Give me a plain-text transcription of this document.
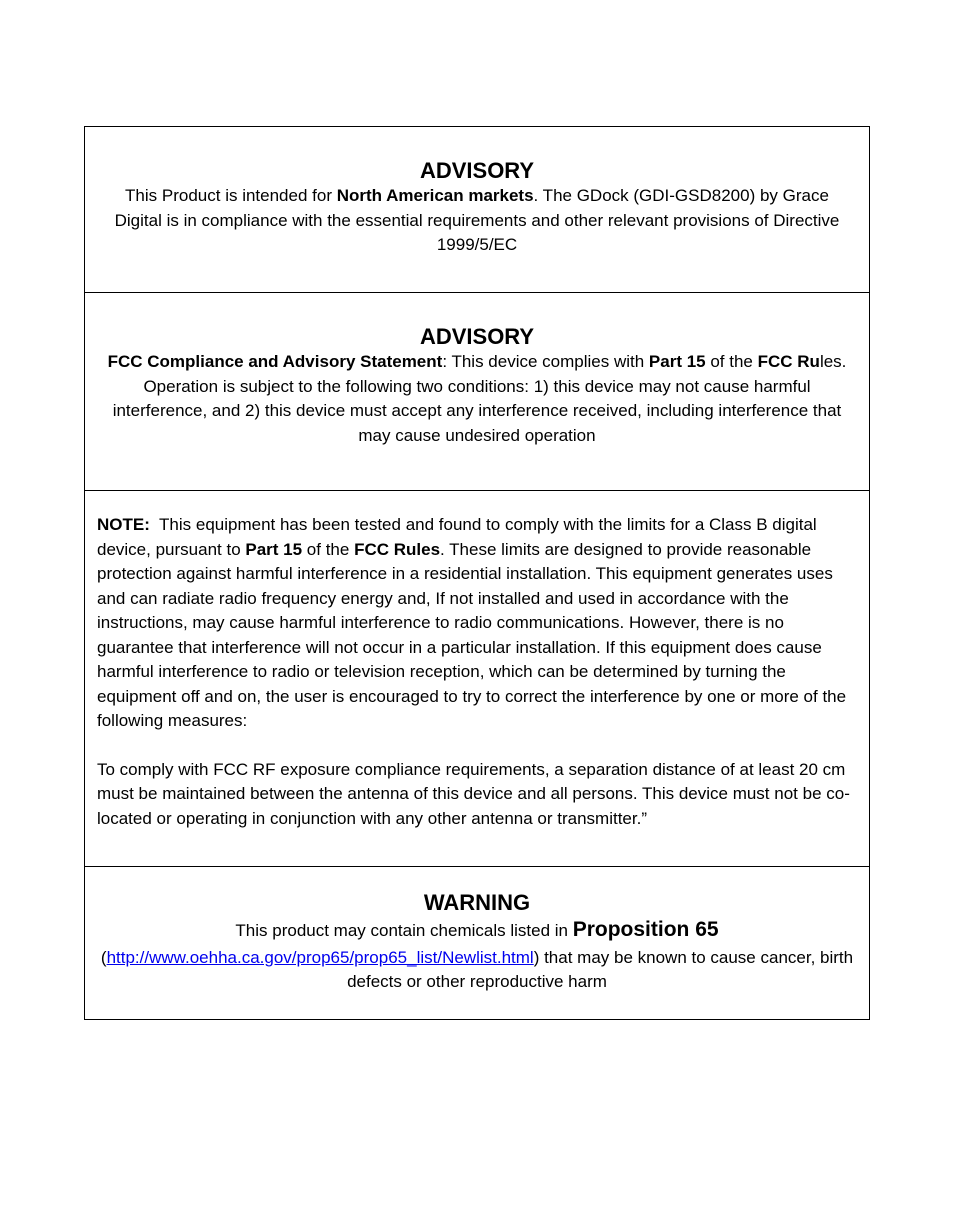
ADVISORY
This Product is intended for North American markets. The GDock (GDI-GSD8200) by Grace Digital is in compliance with the essential requirements and other relevant provisions of Directive 1999/5/EC
ADVISORY
FCC Compliance and Advisory Statement: This device complies with Part 15 of the FCC Rules. Operation is subject to the following two conditions: 1) this device may not cause harmful interference, and 2) this device must accept any interference received, including interference that may cause undesired operation
NOTE:  This equipment has been tested and found to comply with the limits for a Class B digital device, pursuant to Part 15 of the FCC Rules. These limits are designed to provide reasonable protection against harmful interference in a residential installation. This equipment generates uses and can radiate radio frequency energy and, If not installed and used in accordance with the instructions, may cause harmful interference to radio communications. However, there is no guarantee that interference will not occur in a particular installation. If this equipment does cause harmful interference to radio or television reception, which can be determined by turning the equipment off and on, the user is encouraged to try to correct the interference by one or more of the following measures:
To comply with FCC RF exposure compliance requirements, a separation distance of at least 20 cm must be maintained between the antenna of this device and all persons. This device must not be co-located or operating in conjunction with any other antenna or transmitter.”
WARNING
This product may contain chemicals listed in Proposition 65
(http://www.oehha.ca.gov/prop65/prop65_list/Newlist.html) that may be known to cause cancer, birth defects or other reproductive harm
